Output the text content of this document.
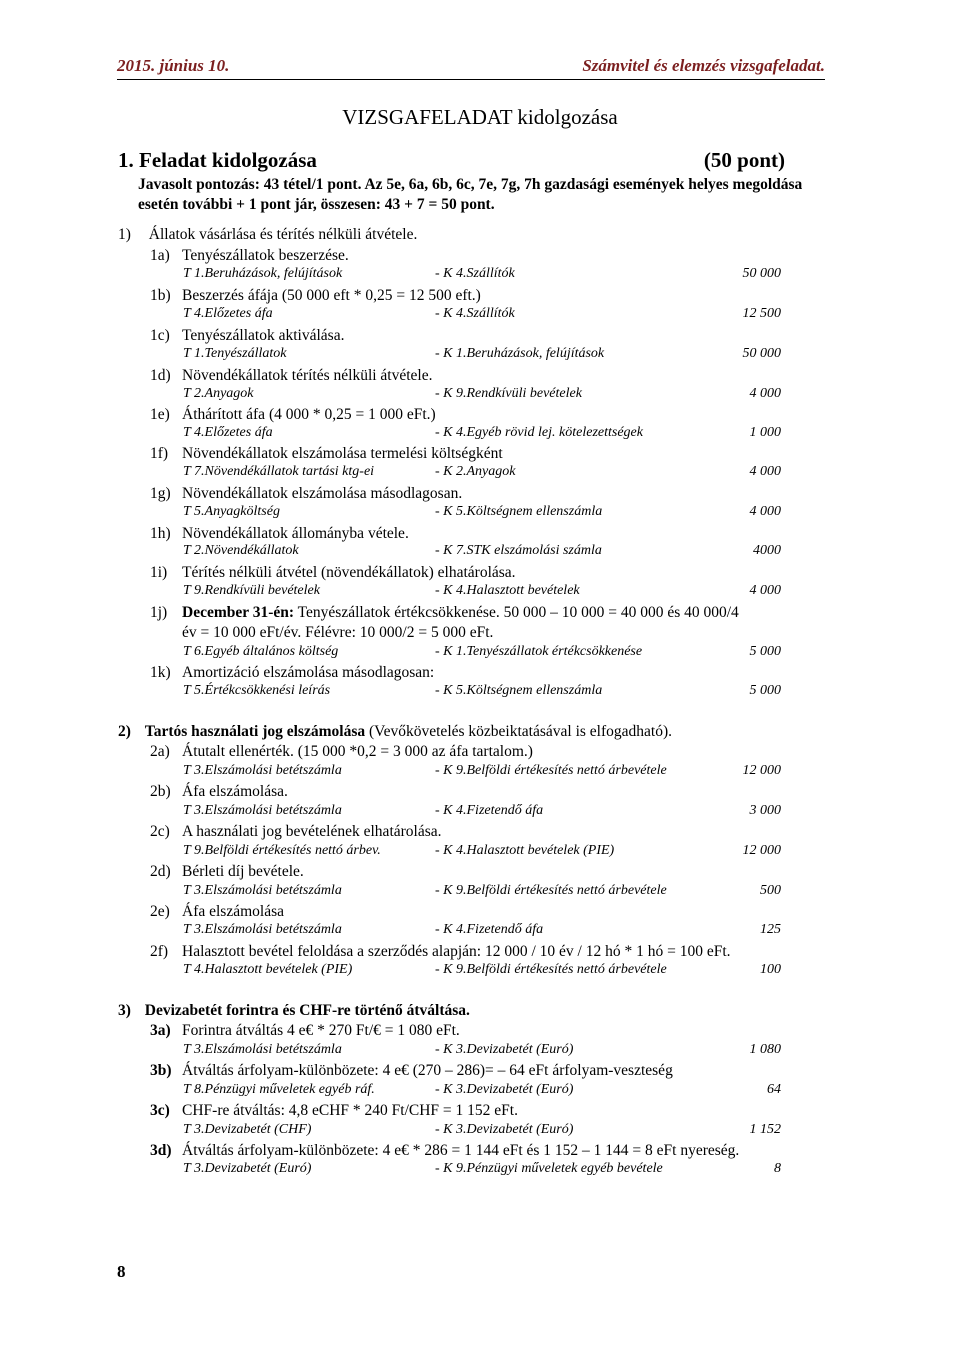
2015. június 10.	Számvitel és elemzés vizsgafeladat.
VIZSGAFELADAT kidolgozása
1. Feladat kidolgozása	(50 pont)
Javasolt pontozás: 43 tétel/1 pont. Az 5e, 6a, 6b, 6c, 7e, 7g, 7h gazdasági események helyes megoldása esetén további + 1 pont jár, összesen: 43 + 7 = 50 pont.
1) Állatok vásárlása és térítés nélküli átvétele.
1a) Tenyészállatok beszerzése.
T 1.Beruházások, felújítások	- K 4.Szállítók	50 000
1b) Beszerzés áfája (50 000 eft * 0,25 = 12 500 eft.)
T 4.Előzetes áfa	- K 4.Szállítók	12 500
1c) Tenyészállatok aktiválása.
T 1.Tenyészállatok	- K 1.Beruházások, felújítások	50 000
1d) Növendékállatok térítés nélküli átvétele.
T 2.Anyagok	- K 9.Rendkívüli bevételek	4 000
1e) Áthárított áfa (4 000 * 0,25 = 1 000 eFt.)
T 4.Előzetes áfa	- K 4.Egyéb rövid lej. kötelezettségek	1 000
1f) Növendékállatok elszámolása termelési költségként
T 7.Növendékállatok tartási ktg-ei	- K 2.Anyagok	4 000
1g) Növendékállatok elszámolása másodlagosan.
T 5.Anyagköltség	- K 5.Költségnem ellenszámla	4 000
1h) Növendékállatok állományba vétele.
T 2.Növendékállatok	- K 7.STK elszámolási számla	4000
1i) Térítés nélküli átvétel (növendékállatok) elhatárolása.
T 9.Rendkívüli bevételek	- K 4.Halasztott bevételek	4 000
1j) December 31-én: Tenyészállatok értékcsökkenése. 50 000 – 10 000 = 40 000 és 40 000/4
év = 10 000 eFt/év. Félévre: 10 000/2 = 5 000 eFt.
T 6.Egyéb általános költség	- K 1.Tenyészállatok értékcsökkenése	5 000
1k) Amortizáció elszámolása másodlagosan:
T 5.Értékcsökkenési leírás	- K 5.Költségnem ellenszámla	5 000
2) Tartós használati jog elszámolása (Vevőkövetelés közbeiktatásával is elfogadható).
2a) Átutalt ellenérték. (15 000 *0,2 = 3 000 az áfa tartalom.)
T 3.Elszámolási betétszámla	- K 9.Belföldi értékesítés nettó árbevétele	12 000
2b) Áfa elszámolása.
T 3.Elszámolási betétszámla	- K 4.Fizetendő áfa	3 000
2c) A használati jog bevételének elhatárolása.
T 9.Belföldi értékesítés nettó árbev.	- K 4.Halasztott bevételek (PIE)	12 000
2d) Bérleti díj bevétele.
T 3.Elszámolási betétszámla	- K 9.Belföldi értékesítés nettó árbevétele	500
2e) Áfa elszámolása
T 3.Elszámolási betétszámla	- K 4.Fizetendő áfa	125
2f) Halasztott bevétel feloldása a szerződés alapján: 12 000 / 10 év / 12 hó * 1 hó = 100 eFt.
T 4.Halasztott bevételek (PIE)	- K 9.Belföldi értékesítés nettó árbevétele	100
3) Devizabetét forintra és CHF-re történő átváltása.
3a) Forintra átváltás 4 e€ * 270 Ft/€ = 1 080 eFt.
T 3.Elszámolási betétszámla	- K 3.Devizabetét (Euró)	1 080
3b) Átváltás árfolyam-különbözete: 4 e€ (270 – 286)= – 64 eFt árfolyam-veszteség
T 8.Pénzügyi műveletek egyéb ráf.	- K 3.Devizabetét (Euró)	64
3c) CHF-re átváltás: 4,8 eCHF * 240 Ft/CHF = 1 152 eFt.
T 3.Devizabetét (CHF)	- K 3.Devizabetét (Euró)	1 152
3d) Átváltás árfolyam-különbözete: 4 e€ * 286 = 1 144 eFt és 1 152 – 1 144 = 8 eFt nyereség.
T 3.Devizabetét (Euró)	- K 9.Pénzügyi műveletek egyéb bevétele	8
8
